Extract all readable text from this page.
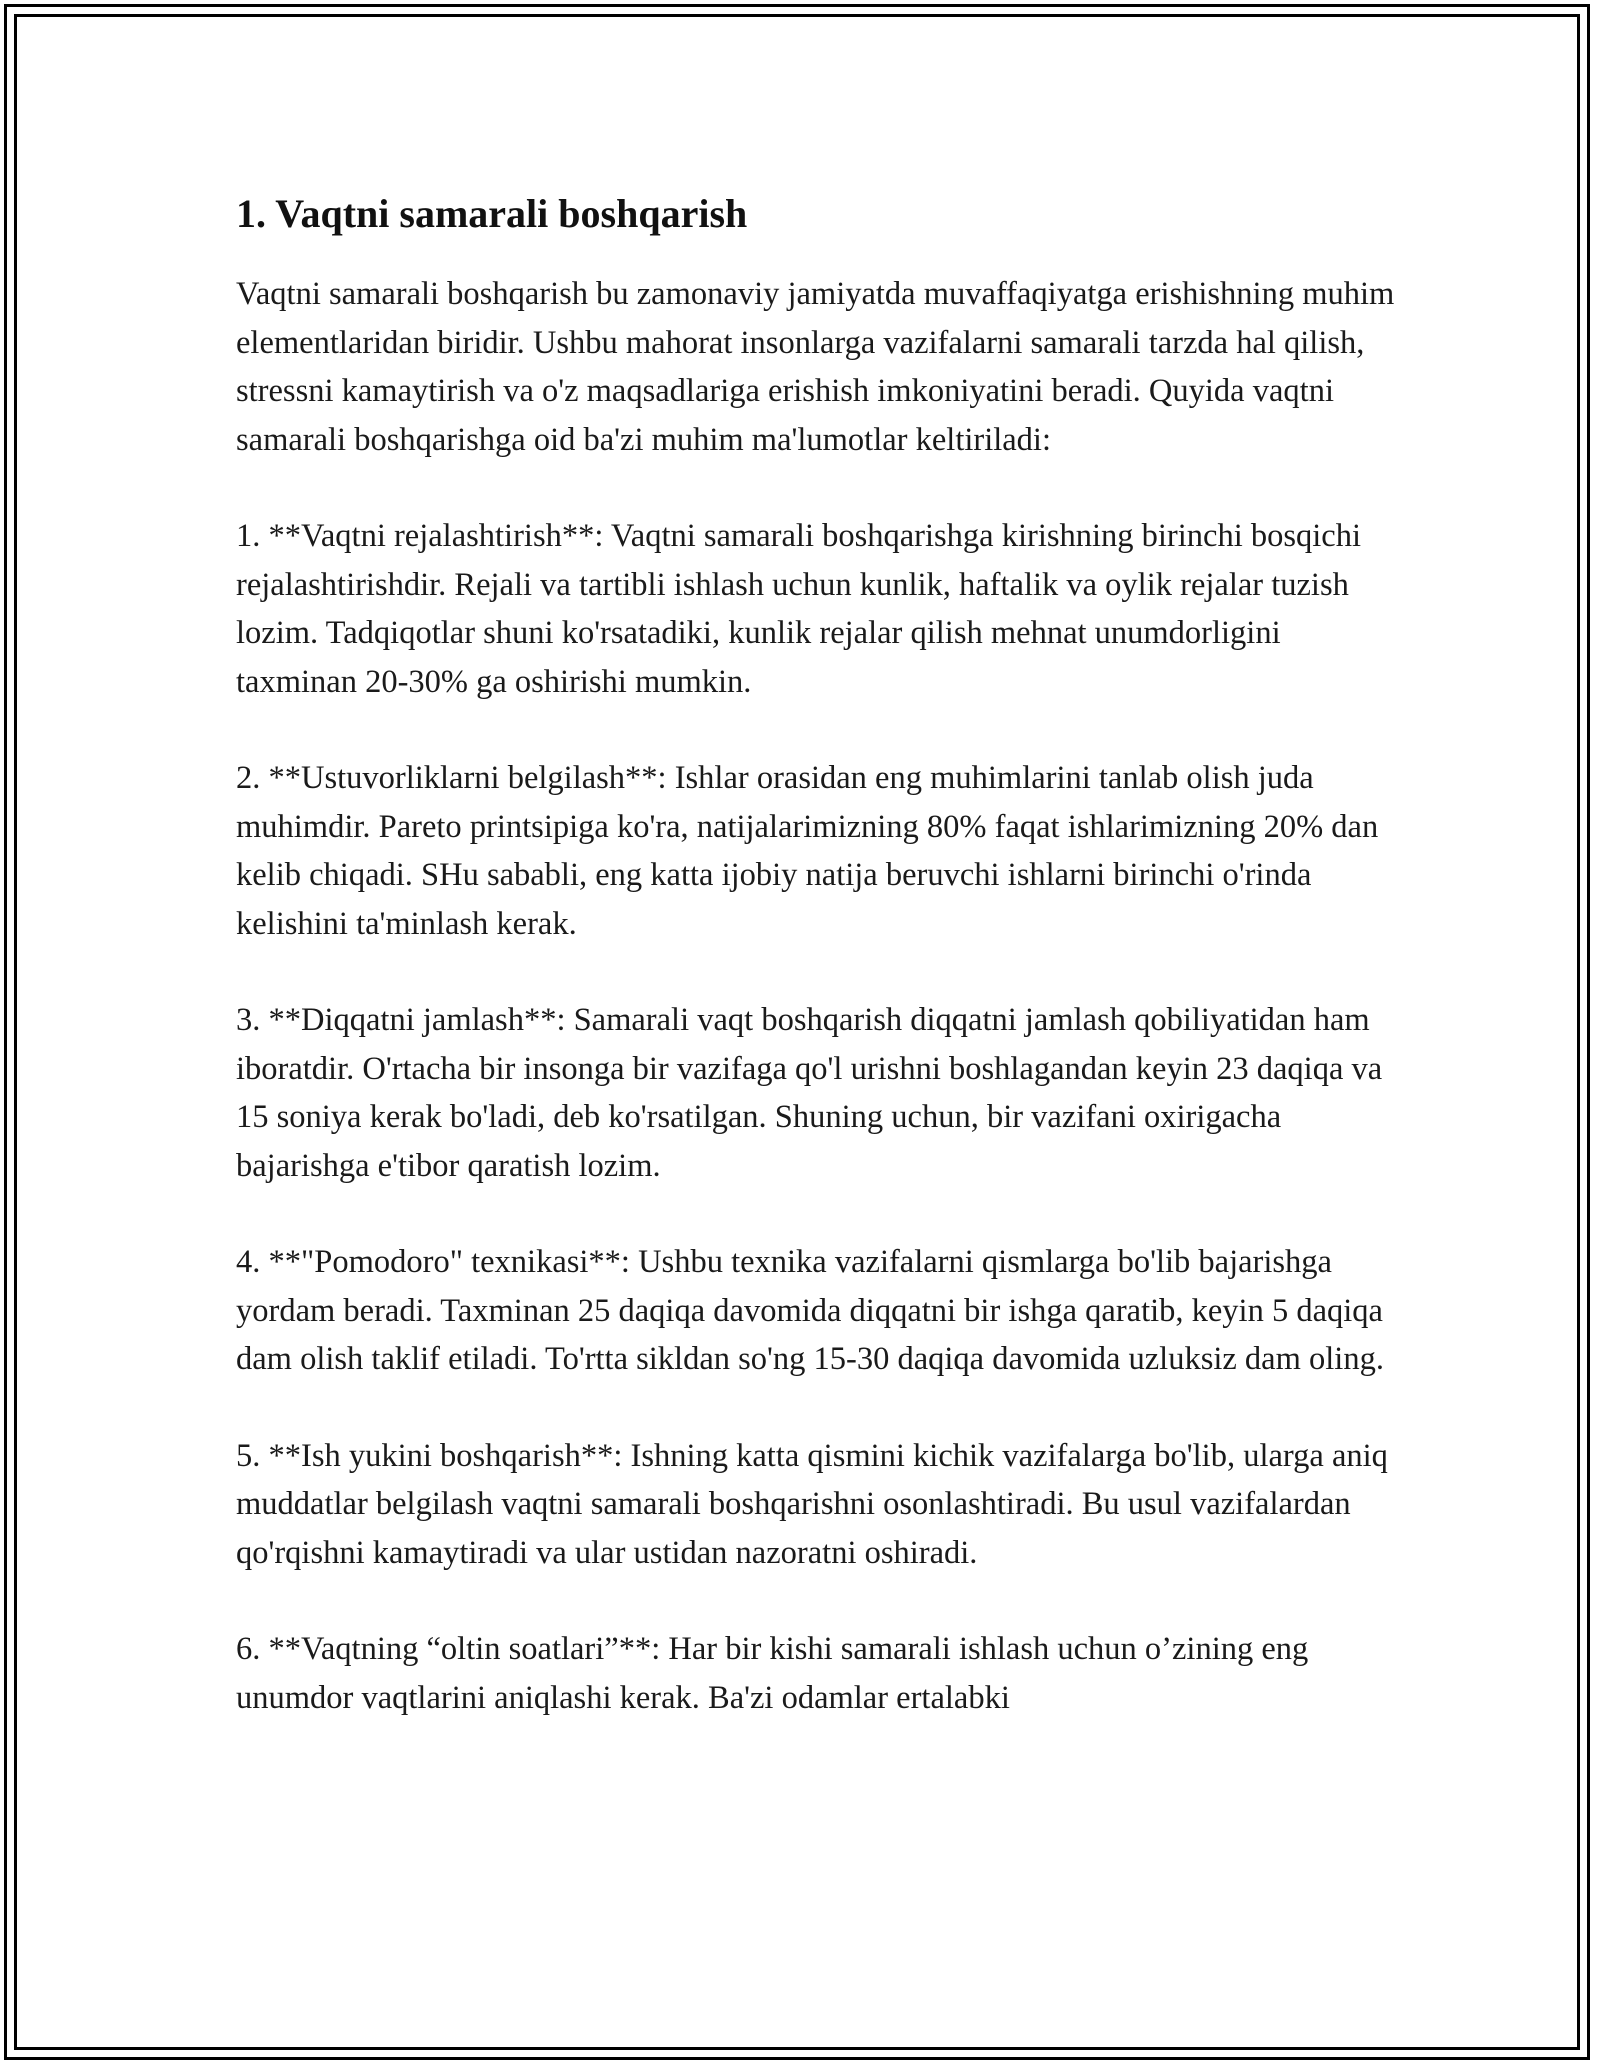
1. Vaqtni samarali boshqarish

Vaqtni samarali boshqarish bu zamonaviy jamiyatda muvaffaqiyatga erishishning muhim elementlaridan biridir. Ushbu mahorat insonlarga vazifalarni samarali tarzda hal qilish, stressni kamaytirish va o'z maqsadlariga erishish imkoniyatini beradi. Quyida vaqtni samarali boshqarishga oid ba'zi muhim ma'lumotlar keltiriladi:

1. **Vaqtni rejalashtirish**: Vaqtni samarali boshqarishga kirishning birinchi bosqichi rejalashtirishdir. Rejali va tartibli ishlash uchun kunlik, haftalik va oylik rejalar tuzish lozim. Tadqiqotlar shuni ko'rsatadiki, kunlik rejalar qilish mehnat unumdorligini taxminan 20-30% ga oshirishi mumkin.

2. **Ustuvorliklarni belgilash**: Ishlar orasidan eng muhimlarini tanlab olish juda muhimdir. Pareto printsipiga ko'ra, natijalarimizning 80% faqat ishlarimizning 20% dan kelib chiqadi. SHu sababli, eng katta ijobiy natija beruvchi ishlarni birinchi o'rinda kelishini ta'minlash kerak.

3. **Diqqatni jamlash**: Samarali vaqt boshqarish diqqatni jamlash qobiliyatidan ham iboratdir. O'rtacha bir insonga bir vazifaga qo'l urishni boshlagandan keyin 23 daqiqa va 15 soniya kerak bo'ladi, deb ko'rsatilgan. Shuning uchun, bir vazifani oxirigacha bajarishga e'tibor qaratish lozim.

4. **"Pomodoro" texnikasi**: Ushbu texnika vazifalarni qismlarga bo'lib bajarishga yordam beradi. Taxminan 25 daqiqa davomida diqqatni bir ishga qaratib, keyin 5 daqiqa dam olish taklif etiladi. To'rtta sikldan so'ng 15-30 daqiqa davomida uzluksiz dam oling.

5. **Ish yukini boshqarish**: Ishning katta qismini kichik vazifalarga bo'lib, ularga aniq muddatlar belgilash vaqtni samarali boshqarishni osonlashtiradi. Bu usul vazifalardan qo'rqishni kamaytiradi va ular ustidan nazoratni oshiradi.

6. **Vaqtning “oltin soatlari”**: Har bir kishi samarali ishlash uchun o’zining eng unumdor vaqtlarini aniqlashi kerak. Ba'zi odamlar ertalabki
